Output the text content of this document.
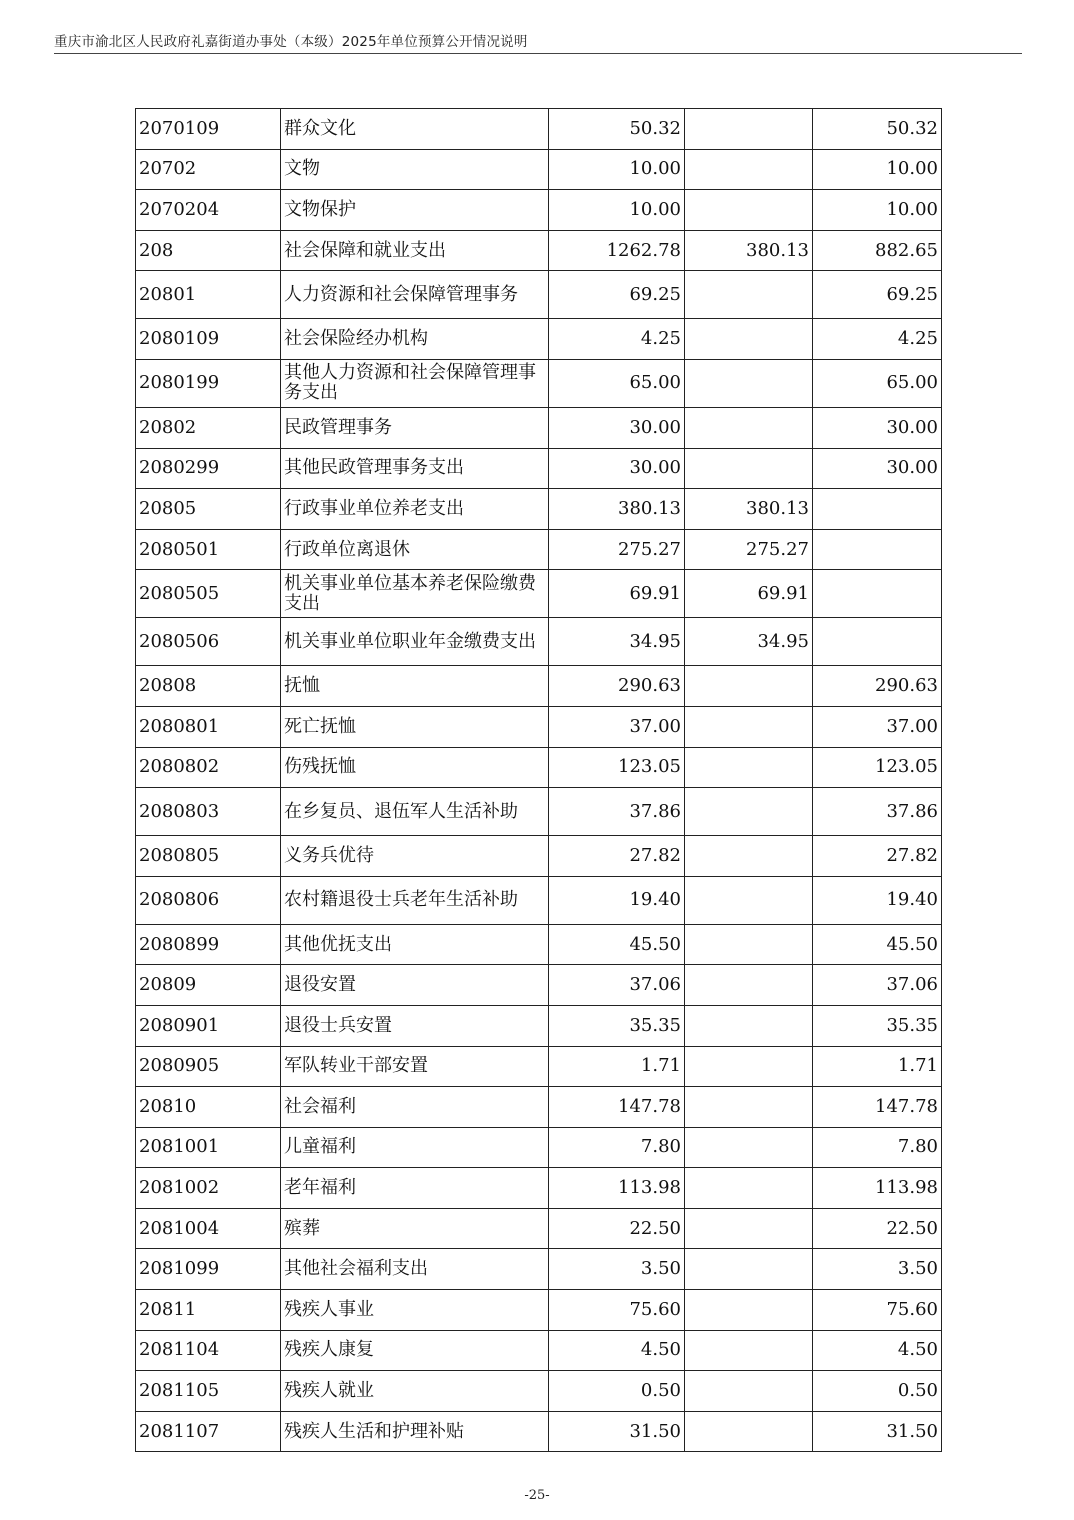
重庆市渝北区人民政府礼嘉街道办事处（本级）2025年单位预算公开情况说明
2070109	群众文化	50.32		50.32
20702	文物	10.00		10.00
2070204	文物保护	10.00		10.00
208	社会保障和就业支出	1262.78	380.13	882.65
20801	人力资源和社会保障管理事务	69.25		69.25
2080109	社会保险经办机构	4.25		4.25
2080199	其他人力资源和社会保障管理事务支出	65.00		65.00
20802	民政管理事务	30.00		30.00
2080299	其他民政管理事务支出	30.00		30.00
20805	行政事业单位养老支出	380.13	380.13	
2080501	行政单位离退休	275.27	275.27	
2080505	机关事业单位基本养老保险缴费支出	69.91	69.91	
2080506	机关事业单位职业年金缴费支出	34.95	34.95	
20808	抚恤	290.63		290.63
2080801	死亡抚恤	37.00		37.00
2080802	伤残抚恤	123.05		123.05
2080803	在乡复员、退伍军人生活补助	37.86		37.86
2080805	义务兵优待	27.82		27.82
2080806	农村籍退役士兵老年生活补助	19.40		19.40
2080899	其他优抚支出	45.50		45.50
20809	退役安置	37.06		37.06
2080901	退役士兵安置	35.35		35.35
2080905	军队转业干部安置	1.71		1.71
20810	社会福利	147.78		147.78
2081001	儿童福利	7.80		7.80
2081002	老年福利	113.98		113.98
2081004	殡葬	22.50		22.50
2081099	其他社会福利支出	3.50		3.50
20811	残疾人事业	75.60		75.60
2081104	残疾人康复	4.50		4.50
2081105	残疾人就业	0.50		0.50
2081107	残疾人生活和护理补贴	31.50		31.50
-25-
